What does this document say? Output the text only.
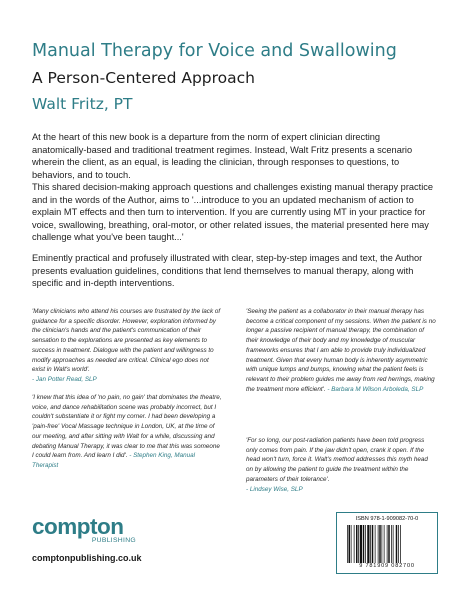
Manual Therapy for Voice and Swallowing
A Person-Centered Approach
Walt Fritz, PT

At the heart of this new book is a departure from the norm of expert clinician directing anatomically-based and traditional treatment regimes. Instead, Walt Fritz presents a scenario wherein the client, as an equal, is leading the clinician, through responses to questions, to behaviors, and to touch.

This shared decision-making approach questions and challenges existing manual therapy practice and in the words of the Author, aims to '...introduce to you an updated mechanism of action to explain MT effects and then turn to intervention. If you are currently using MT in your practice for voice, swallowing, breathing, oral-motor, or other related issues, the material presented here may challenge what you've been taught...'

Eminently practical and profusely illustrated with clear, step-by-step images and text, the Author presents evaluation guidelines, conditions that lend themselves to manual therapy, along with specific and in-depth interventions.

'Many clinicians who attend his courses are frustrated by the lack of guidance for a specific disorder. However, exploration informed by the clinician's hands and the patient's communication of their sensation to the explorations are presented as key elements to success in treatment. Dialogue with the patient and willingness to modify approaches as needed are critical. Clinical ego does not exist in Walt's world'.
- Jan Potter Read, SLP

'I knew that this idea of 'no pain, no gain' that dominates the theatre, voice, and dance rehabilitation scene was probably incorrect, but I couldn't substantiate it or fight my corner. I had been developing a 'pain-free' Vocal Massage technique in London, UK, at the time of our meeting, and after sitting with Walt for a while, discussing and debating Manual Therapy, it was clear to me that this was someone I could learn from. And learn I did'. - Stephen King, Manual Therapist

'Seeing the patient as a collaborator in their manual therapy has become a critical component of my sessions. When the patient is no longer a passive recipient of manual therapy, the combination of their knowledge of their body and my knowledge of muscular frameworks ensures that I am able to provide truly individualized treatment. Given that every human body is inherently asymmetric with unique lumps and bumps, knowing what the patient feels is relevant to their problem guides me away from red herrings, making the treatment more efficient'. - Barbara M Wilson Arboleda, SLP

'For so long, our post-radiation patients have been told progress only comes from pain. If the jaw didn't open, crank it open. If the head won't turn, force it. Walt's method addresses this myth head on by allowing the patient to guide the treatment within the parameters of their tolerance'.
- Lindsey Wise, SLP

compton
PUBLISHING
comptonpublishing.co.uk
ISBN 978-1-909082-70-0
9 781909 082700
